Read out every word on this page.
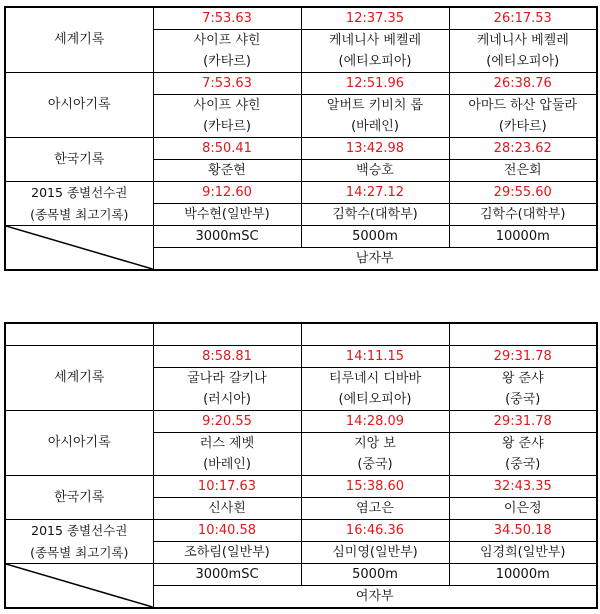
세계기록	7:53.63	12:37.35	26:17.53
	사이프 샤힌	케네니사 베켈레	케네니사 베켈레
	(카타르)	(에티오피아)	(에티오피아)
아시아기록	7:53.63	12:51.96	26:38.76
	사이프 샤힌	알버트 키비치 롭	아마드 하산 압둘라
	(카타르)	(바레인)	(카타르)
한국기록	8:50.41	13:42.98	28:23.62
	황준현	백승호	전은회
2015 종별선수권	9:12.60	14:27.12	29:55.60
(종목별 최고기록)	박수현(일반부)	김학수(대학부)	김학수(대학부)

	3000mSC	5000m	10000m
	남자부		

세계기록	8:58.81	14:11.15	29:31.78
	굴나라 갈키나	티루네시 디바바	왕 준샤
	(러시아)	(에티오피아)	(중국)
아시아기록	9:20.55	14:28.09	29:31.78
	러스 제벳	지앙 보	왕 준샤
	(바레인)	(중국)	(중국)
한국기록	10:17.63	15:38.60	32:43.35
	신사흰	염고은	이은정
2015 종별선수권	10:40.58	16:46.36	34.50.18
(종목별 최고기록)	조하림(일반부)	심미영(일반부)	임경희(일반부)

	3000mSC	5000m	10000m
	여자부		
